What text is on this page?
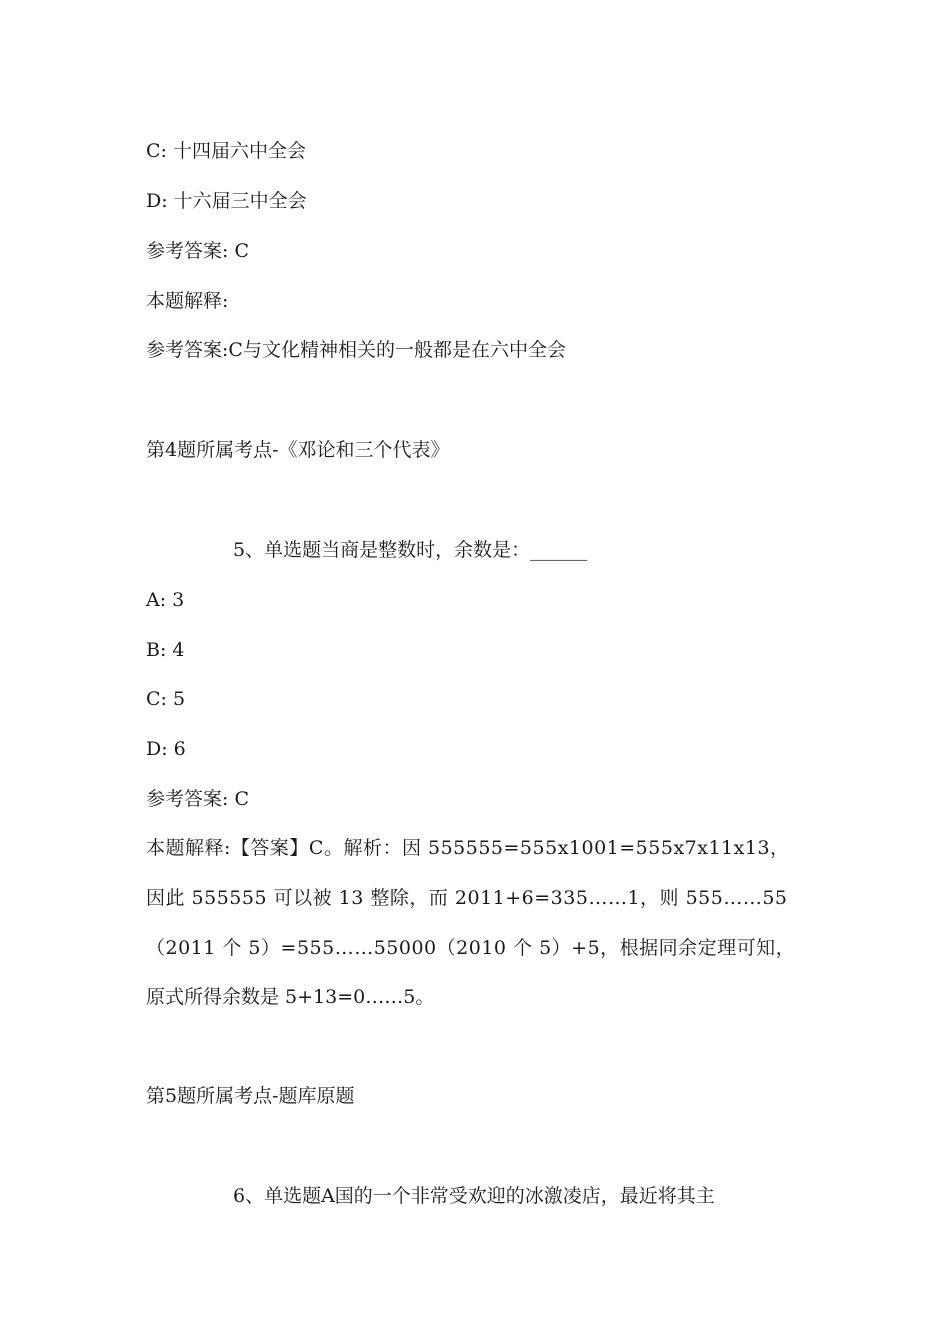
C: 十四届六中全会
D: 十六届三中全会
参考答案: C
本题解释:
参考答案:C与文化精神相关的一般都是在六中全会
第4题所属考点-《邓论和三个代表》
5、单选题当商是整数时，余数是：______
A: 3
B: 4
C: 5
D: 6
参考答案: C
本题解释:【答案】C。解析：因 555555=555x1001=555x7x11x13，
因此 555555 可以被 13 整除，而 2011+6=335……1，则 555……55
（2011 个 5）=555……55000（2010 个 5）+5，根据同余定理可知，
原式所得余数是 5+13=0……5。
第5题所属考点-题库原题
6、单选题A国的一个非常受欢迎的冰激凌店，最近将其主
